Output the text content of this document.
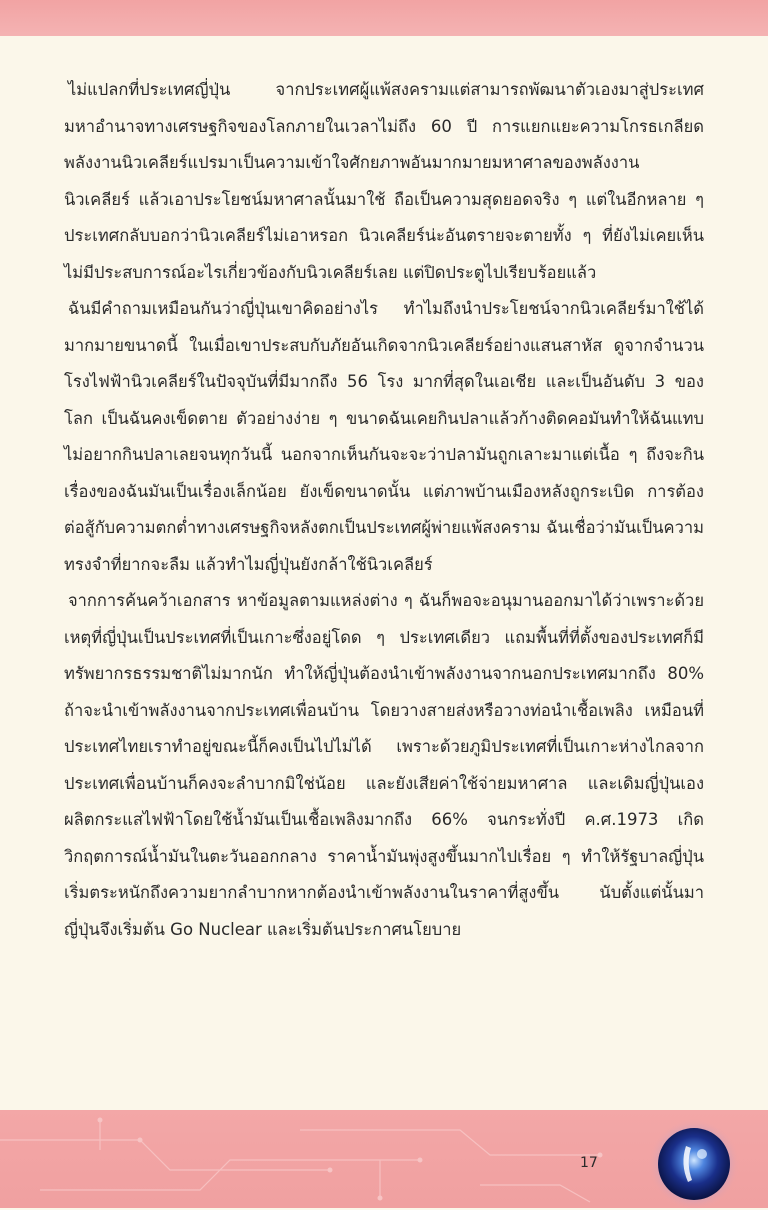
ไม่แปลกที่ประเทศญี่ปุ่น จากประเทศผู้แพ้สงครามแต่สามารถพัฒนาตัวเองมาสู่ประเทศมหาอำนาจทางเศรษฐกิจของโลกภายในเวลาไม่ถึง 60 ปี การแยกแยะความโกรธเกลียดพลังงานนิวเคลียร์แปรมาเป็นความเข้าใจศักยภาพอันมากมายมหาศาลของพลังงานนิวเคลียร์ แล้วเอาประโยชน์มหาศาลนั้นมาใช้ ถือเป็นความสุดยอดจริง ๆ แต่ในอีกหลาย ๆ ประเทศกลับบอกว่านิวเคลียร์ไม่เอาหรอก นิวเคลียร์น่ะอันตรายจะตายทั้ง ๆ ที่ยังไม่เคยเห็น ไม่มีประสบการณ์อะไรเกี่ยวข้องกับนิวเคลียร์เลย แต่ปิดประตูไปเรียบร้อยแล้ว

ฉันมีคำถามเหมือนกันว่าญี่ปุ่นเขาคิดอย่างไร ทำไมถึงนำประโยชน์จากนิวเคลียร์มาใช้ได้มากมายขนาดนี้ ในเมื่อเขาประสบกับภัยอันเกิดจากนิวเคลียร์อย่างแสนสาหัส ดูจากจำนวนโรงไฟฟ้านิวเคลียร์ในปัจจุบันที่มีมากถึง 56 โรง มากที่สุดในเอเชีย และเป็นอันดับ 3 ของโลก เป็นฉันคงเข็ดตาย ตัวอย่างง่าย ๆ ขนาดฉันเคยกินปลาแล้วก้างติดคอมันทำให้ฉันแทบไม่อยากกินปลาเลยจนทุกวันนี้ นอกจากเห็นกันจะจะว่าปลามันถูกเลาะมาแต่เนื้อ ๆ ถึงจะกิน เรื่องของฉันมันเป็นเรื่องเล็กน้อย ยังเข็ดขนาดนั้น แต่ภาพบ้านเมืองหลังถูกระเบิด การต้องต่อสู้กับความตกต่ำทางเศรษฐกิจหลังตกเป็นประเทศผู้พ่ายแพ้สงคราม ฉันเชื่อว่ามันเป็นความทรงจำที่ยากจะลืม แล้วทำไมญี่ปุ่นยังกล้าใช้นิวเคลียร์

จากการค้นคว้าเอกสาร หาข้อมูลตามแหล่งต่าง ๆ ฉันก็พอจะอนุมานออกมาได้ว่าเพราะด้วยเหตุที่ญี่ปุ่นเป็นประเทศที่เป็นเกาะซึ่งอยู่โดด ๆ ประเทศเดียว แถมพื้นที่ที่ตั้งของประเทศก็มีทรัพยากรธรรมชาติไม่มากนัก ทำให้ญี่ปุ่นต้องนำเข้าพลังงานจากนอกประเทศมากถึง 80% ถ้าจะนำเข้าพลังงานจากประเทศเพื่อนบ้าน โดยวางสายส่งหรือวางท่อนำเชื้อเพลิง เหมือนที่ประเทศไทยเราทำอยู่ขณะนี้ก็คงเป็นไปไม่ได้ เพราะด้วยภูมิประเทศที่เป็นเกาะห่างไกลจากประเทศเพื่อนบ้านก็คงจะลำบากมิใช่น้อย และยังเสียค่าใช้จ่ายมหาศาล และเดิมญี่ปุ่นเองผลิตกระแสไฟฟ้าโดยใช้น้ำมันเป็นเชื้อเพลิงมากถึง 66% จนกระทั่งปี ค.ศ.1973 เกิดวิกฤตการณ์น้ำมันในตะวันออกกลาง ราคาน้ำมันพุ่งสูงขึ้นมากไปเรื่อย ๆ ทำให้รัฐบาลญี่ปุ่นเริ่มตระหนักถึงความยากลำบากหากต้องนำเข้าพลังงานในราคาที่สูงขึ้น นับตั้งแต่นั้นมาญี่ปุ่นจึงเริ่มต้น Go Nuclear และเริ่มต้นประกาศนโยบาย

17
